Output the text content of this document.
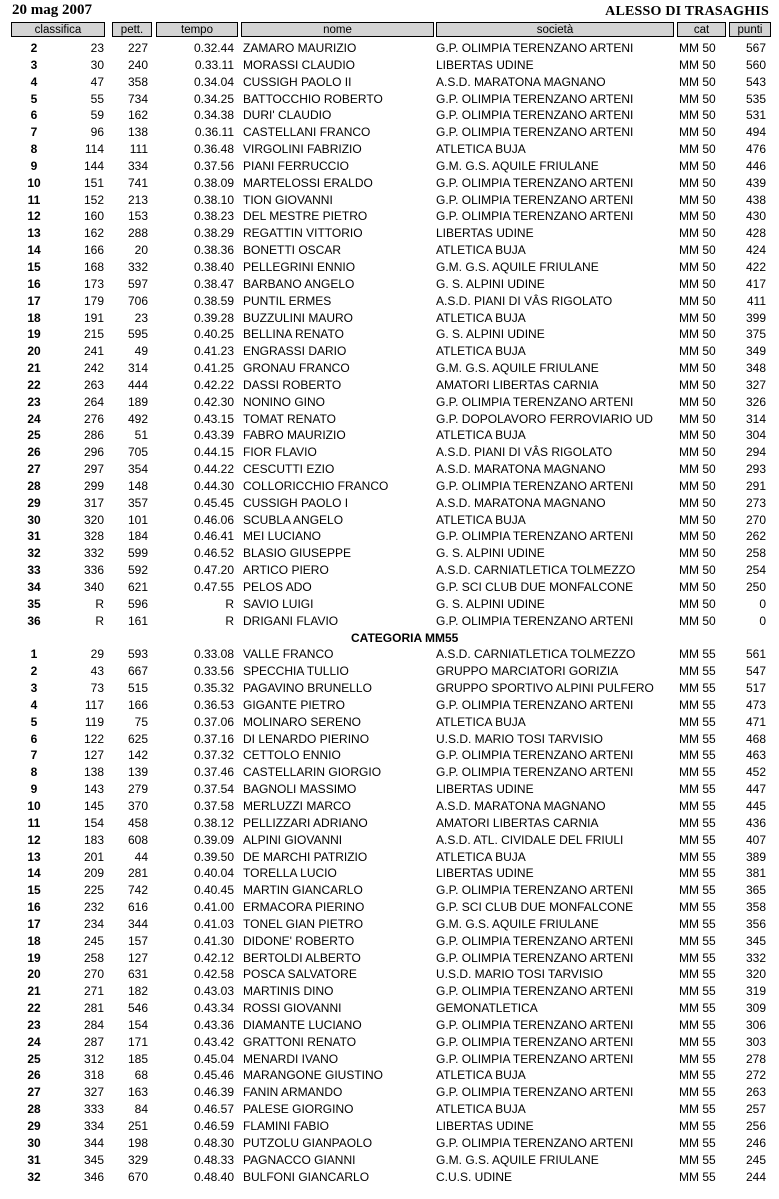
20 mag 2007	ALESSO DI TRASAGHIS
classifica	pett.	tempo	nome	società	cat	punti
2	23	227	0.32.44 ZAMARO MAURIZIO	G.P. OLIMPIA TERENZANO ARTENI	MM 50	567
3	30	240	0.33.11 MORASSI CLAUDIO	LIBERTAS UDINE	MM 50	560
4	47	358	0.34.04 CUSSIGH PAOLO II	A.S.D. MARATONA MAGNANO	MM 50	543
5	55	734	0.34.25 BATTOCCHIO ROBERTO	G.P. OLIMPIA TERENZANO ARTENI	MM 50	535
6	59	162	0.34.38 DURI' CLAUDIO	G.P. OLIMPIA TERENZANO ARTENI	MM 50	531
7	96	138	0.36.11 CASTELLANI FRANCO	G.P. OLIMPIA TERENZANO ARTENI	MM 50	494
8	114	111	0.36.48 VIRGOLINI FABRIZIO	ATLETICA BUJA	MM 50	476
9	144	334	0.37.56 PIANI FERRUCCIO	G.M. G.S. AQUILE FRIULANE	MM 50	446
10	151	741	0.38.09 MARTELOSSI ERALDO	G.P. OLIMPIA TERENZANO ARTENI	MM 50	439
11	152	213	0.38.10 TION GIOVANNI	G.P. OLIMPIA TERENZANO ARTENI	MM 50	438
12	160	153	0.38.23 DEL MESTRE PIETRO	G.P. OLIMPIA TERENZANO ARTENI	MM 50	430
13	162	288	0.38.29 REGATTIN VITTORIO	LIBERTAS UDINE	MM 50	428
14	166	20	0.38.36 BONETTI OSCAR	ATLETICA BUJA	MM 50	424
15	168	332	0.38.40 PELLEGRINI ENNIO	G.M. G.S. AQUILE FRIULANE	MM 50	422
16	173	597	0.38.47 BARBANO ANGELO	G. S. ALPINI UDINE	MM 50	417
17	179	706	0.38.59 PUNTIL ERMES	A.S.D. PIANI DI VÂS RIGOLATO	MM 50	411
18	191	23	0.39.28 BUZZULINI MAURO	ATLETICA BUJA	MM 50	399
19	215	595	0.40.25 BELLINA RENATO	G. S. ALPINI UDINE	MM 50	375
20	241	49	0.41.23 ENGRASSI DARIO	ATLETICA BUJA	MM 50	349
21	242	314	0.41.25 GRONAU FRANCO	G.M. G.S. AQUILE FRIULANE	MM 50	348
22	263	444	0.42.22 DASSI ROBERTO	AMATORI LIBERTAS CARNIA	MM 50	327
23	264	189	0.42.30 NONINO GINO	G.P. OLIMPIA TERENZANO ARTENI	MM 50	326
24	276	492	0.43.15 TOMAT RENATO	G.P. DOPOLAVORO FERROVIARIO UD MM 50	314
25	286	51	0.43.39 FABRO MAURIZIO	ATLETICA BUJA	MM 50	304
26	296	705	0.44.15 FIOR FLAVIO	A.S.D. PIANI DI VÂS RIGOLATO	MM 50	294
27	297	354	0.44.22 CESCUTTI EZIO	A.S.D. MARATONA MAGNANO	MM 50	293
28	299	148	0.44.30 COLLORICCHIO FRANCO	G.P. OLIMPIA TERENZANO ARTENI	MM 50	291
29	317	357	0.45.45 CUSSIGH PAOLO I	A.S.D. MARATONA MAGNANO	MM 50	273
30	320	101	0.46.06 SCUBLA ANGELO	ATLETICA BUJA	MM 50	270
31	328	184	0.46.41 MEI LUCIANO	G.P. OLIMPIA TERENZANO ARTENI	MM 50	262
32	332	599	0.46.52 BLASIO GIUSEPPE	G. S. ALPINI UDINE	MM 50	258
33	336	592	0.47.20 ARTICO PIERO	A.S.D. CARNIATLETICA TOLMEZZO	MM 50	254
34	340	621	0.47.55 PELOS ADO	G.P. SCI CLUB DUE MONFALCONE	MM 50	250
35	R	596	R SAVIO LUIGI	G. S. ALPINI UDINE	MM 50	0
36	R	161	R DRIGANI FLAVIO	G.P. OLIMPIA TERENZANO ARTENI	MM 50	0
CATEGORIA MM55
1	29	593	0.33.08 VALLE FRANCO	A.S.D. CARNIATLETICA TOLMEZZO	MM 55	561
2	43	667	0.33.56 SPECCHIA TULLIO	GRUPPO MARCIATORI GORIZIA	MM 55	547
3	73	515	0.35.32 PAGAVINO BRUNELLO	GRUPPO SPORTIVO ALPINI PULFERO MM 55	517
4	117	166	0.36.53 GIGANTE PIETRO	G.P. OLIMPIA TERENZANO ARTENI	MM 55	473
5	119	75	0.37.06 MOLINARO SERENO	ATLETICA BUJA	MM 55	471
6	122	625	0.37.16 DI LENARDO PIERINO	U.S.D. MARIO TOSI TARVISIO	MM 55	468
7	127	142	0.37.32 CETTOLO ENNIO	G.P. OLIMPIA TERENZANO ARTENI	MM 55	463
8	138	139	0.37.46 CASTELLARIN GIORGIO	G.P. OLIMPIA TERENZANO ARTENI	MM 55	452
9	143	279	0.37.54 BAGNOLI MASSIMO	LIBERTAS UDINE	MM 55	447
10	145	370	0.37.58 MERLUZZI MARCO	A.S.D. MARATONA MAGNANO	MM 55	445
11	154	458	0.38.12 PELLIZZARI ADRIANO	AMATORI LIBERTAS CARNIA	MM 55	436
12	183	608	0.39.09 ALPINI GIOVANNI	A.S.D. ATL. CIVIDALE DEL FRIULI	MM 55	407
13	201	44	0.39.50 DE MARCHI PATRIZIO	ATLETICA BUJA	MM 55	389
14	209	281	0.40.04 TORELLA LUCIO	LIBERTAS UDINE	MM 55	381
15	225	742	0.40.45 MARTIN GIANCARLO	G.P. OLIMPIA TERENZANO ARTENI	MM 55	365
16	232	616	0.41.00 ERMACORA PIERINO	G.P. SCI CLUB DUE MONFALCONE	MM 55	358
17	234	344	0.41.03 TONEL GIAN PIETRO	G.M. G.S. AQUILE FRIULANE	MM 55	356
18	245	157	0.41.30 DIDONE' ROBERTO	G.P. OLIMPIA TERENZANO ARTENI	MM 55	345
19	258	127	0.42.12 BERTOLDI ALBERTO	G.P. OLIMPIA TERENZANO ARTENI	MM 55	332
20	270	631	0.42.58 POSCA SALVATORE	U.S.D. MARIO TOSI TARVISIO	MM 55	320
21	271	182	0.43.03 MARTINIS DINO	G.P. OLIMPIA TERENZANO ARTENI	MM 55	319
22	281	546	0.43.34 ROSSI GIOVANNI	GEMONATLETICA	MM 55	309
23	284	154	0.43.36 DIAMANTE LUCIANO	G.P. OLIMPIA TERENZANO ARTENI	MM 55	306
24	287	171	0.43.42 GRATTONI RENATO	G.P. OLIMPIA TERENZANO ARTENI	MM 55	303
25	312	185	0.45.04 MENARDI IVANO	G.P. OLIMPIA TERENZANO ARTENI	MM 55	278
26	318	68	0.45.46 MARANGONE GIUSTINO	ATLETICA BUJA	MM 55	272
27	327	163	0.46.39 FANIN ARMANDO	G.P. OLIMPIA TERENZANO ARTENI	MM 55	263
28	333	84	0.46.57 PALESE GIORGINO	ATLETICA BUJA	MM 55	257
29	334	251	0.46.59 FLAMINI FABIO	LIBERTAS UDINE	MM 55	256
30	344	198	0.48.30 PUTZOLU GIANPAOLO	G.P. OLIMPIA TERENZANO ARTENI	MM 55	246
31	345	329	0.48.33 PAGNACCO GIANNI	G.M. G.S. AQUILE FRIULANE	MM 55	245
32	346	670	0.48.40 BULFONI GIANCARLO	C.U.S. UDINE	MM 55	244
